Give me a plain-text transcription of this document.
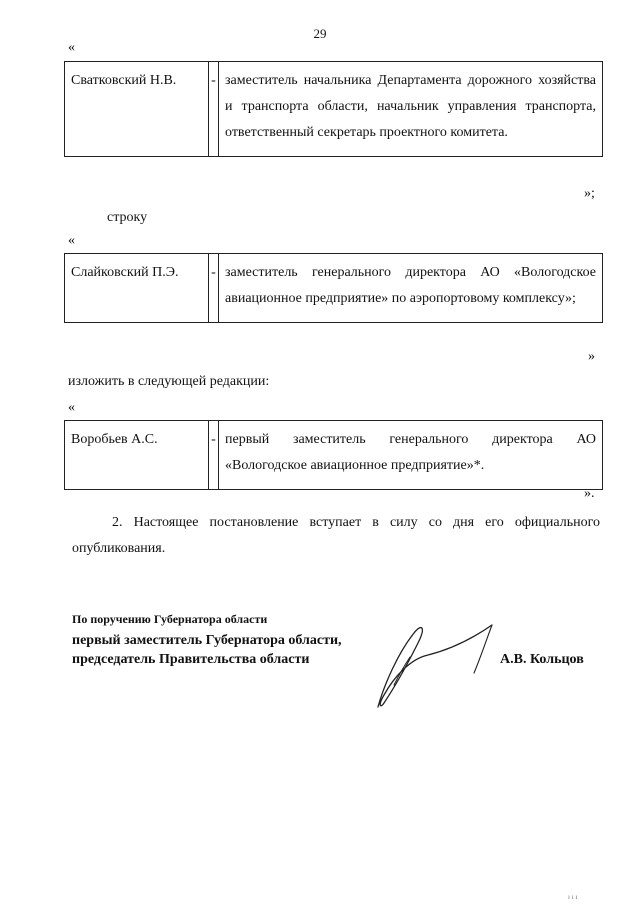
29
«
Сватковский Н.В.	-	заместитель начальника Департамента дорожного хозяйства и транспорта области, начальник управления транспорта, ответственный секретарь проектного комитета.
»;
строку
«
Слайковский П.Э.	-	заместитель генерального директора АО «Вологодское авиационное предприятие» по аэропортовому комплексу»;
»
изложить в следующей редакции:
«
Воробьев А.С.	-	первый заместитель генерального директора АО «Вологодское авиационное предприятие»*.
».
2. Настоящее постановление вступает в силу со дня его официального опубликования.
По поручению Губернатора области
первый заместитель Губернатора области,
председатель Правительства области	А.В. Кольцов
ı ı ı
